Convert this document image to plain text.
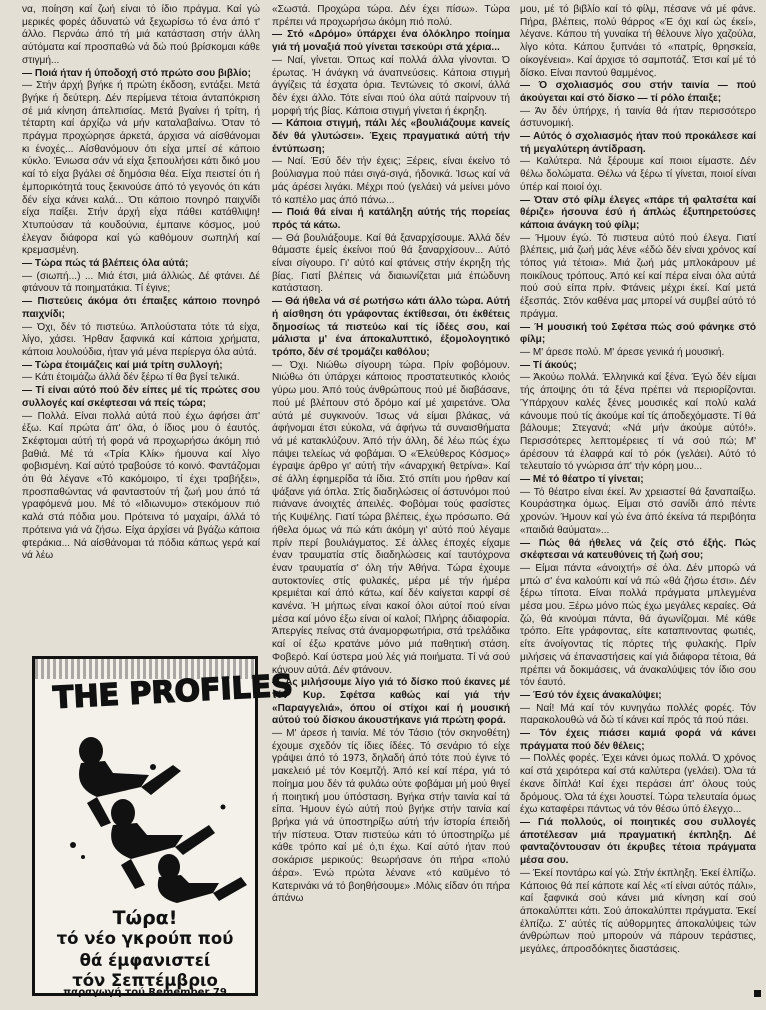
να, ποίηση καί ζωή είναι τό ίδιο πράγμα. Καί γώ μερικές φορές άδυνατώ νά ξεχωρίσω τό ένα άπό τ' άλλο. Περνάω άπό τή μιά κατάσταση στήν άλλη αύτόματα καί προσπαθώ νά δώ πού βρίσκομαι κάθε στιγμή...

— Ποιά ήταν ή ύποδοχή στό πρώτο σου βιβλίο;

— Στήν άρχή βγήκε ή πρώτη έκδοση, εντάξει. Μετά βγήκε ή δεύτερη. Δέν περίμενα τέτοια άνταπόκριση σέ μιά κίνηση άπελπισίας. Μετά βγαίνει ή τρίτη, ή τέταρτη καί άρχίζω νά μήν καταλαβαίνω. Όταν τό πράγμα προχώρησε άρκετά, άρχισα νά αίσθάνομαι κι ένοχές... Αίσθανόμουν ότι είχα μπεί σέ κάποιο κύκλο. Ένιωσα σάν νά είχα ξεπουλήσει κάτι δικό μου καί τό είχα βγάλει σέ δημόσια θέα. Είχα πειστεί ότι ή έμπορικότητά τους ξεκινούσε άπό τό γεγονός ότι κάτι δέν είχα κάνει καλά... Ότι κάποιο πονηρό παιχνίδι είχα παίξει. Στήν άρχή είχα πάθει κατάθλιψη! Χτυπούσαν τά κουδούνια, έμπαινε κόσμος, μού έλεγαν διάφορα καί γώ καθόμουν σωπηλή καί κρεμασμένη.

— Τώρα πώς τά βλέπεις όλα αύτά;

— (σιωπή...) ... Μιά έτσι, μιά άλλιώς. Δέ φτάνει. Δέ φτάνουν τά ποιηματάκια. Τί έγινε;

— Πιστεύεις άκόμα ότι έπαιξες κάποιο πονηρό παιχνίδι;

— Όχι, δέν τό πιστεύω. Άπλούστατα τότε τά είχα, λίγο, χάσει. Ήρθαν ξαφνικά καί κάποια χρήματα, κάποια λουλούδια, ήταν γιά μένα περίεργα όλα αύτά.

— Τώρα έτοιμάζεις καί μιά τρίτη συλλογή;

— Κάτι έτοιμάζω άλλά δέν ξέρω τί θα βγεί τελικά.

— Τί είναι αύτό πού δέν είπες μέ τίς πρώτες σου συλλογές καί σκέφτεσαι νά πείς τώρα;

— Πολλά. Είναι πολλά αύτά πού έχω άφήσει άπ' έξω. Καί πρώτα άπ' όλα, ό ίδιος μου ό έαυτός. Σκέφτομαι αύτή τή φορά νά προχωρήσω άκόμη πιό βαθιά. Μέ τά «Τρία Κλίκ» ήμουνα καί λίγο φοβισμένη. Καί αύτό τραβούσε τό κοινό. Φαντάζομαι ότι θά λέγανε «Τό κακόμοιρο, τί έχει τραβήξει», προσπαθώντας νά φανταστούν τή ζωή μου άπό τά γραφόμενά μου. Μέ τό «Ιδιωνυμο» στεκόμουν πιό καλά στά πόδια μου. Πρότεινα τό μαχαίρι, άλλά τό πρότεινα γιά νά ζήσω. Είχα άρχίσει νά βγάζω κάποια φτεράκια... Νά αίσθάνομαι τά πόδια κάπως γερά καί νά λέω

«Σωστά. Προχώρα τώρα. Δέν έχει πίσω». Τώρα πρέπει νά προχωρήσω άκόμη πιό πολύ.

— Στό «Δρόμο» ύπάρχει ένα όλόκληρο ποίημα γιά τή μοναξιά πού γίνεται τσεκούρι στά χέρια...

— Ναί, γίνεται. Όπως καί πολλά άλλα γίνονται. Ό έρωτας. Ή άνάγκη νά άναπνεύσεις. Κάποια στιγμή άγγίζεις τά έσχατα όρια. Τεντώνεις τό σκοινί, άλλά δέν έχει άλλο. Τότε είναι πού όλα αύτά παίρνουν τή μορφή τής βίας. Κάποια στιγμή γίνεται ή έκρηξη.

— Κάποια στιγμή, πάλι λές «βουλιάζουμε κανείς δέν θά γλυτώσει». Έχεις πραγματικά αύτή τήν έντύπωση;

— Ναί. Έσύ δέν τήν έχεις; Ξέρεις, είναι έκείνο τό βούλιαγμα πού πάει σιγά-σιγά, ήδονικά. Ίσως καί νά μάς άρέσει λιγάκι. Μέχρι πού (γελάει) νά μείνει μόνο τό καπέλο μας άπό πάνω...

— Ποιά θά είναι ή κατάληξη αύτής τής πορείας πρός τά κάτω.

— Θά βουλιάξουμε. Καί θά ξαναρχίσουμε. Άλλά δέν θάμαστε έμείς έκείνοι πού θά ξαναρχίσουν... Αύτό είναι σίγουρο. Γι' αύτό καί φτάνεις στήν έκρηξη τής βίας. Γιατί βλέπεις νά διαιωνίζεται μιά έπώδυνη κατάσταση.

— Θά ήθελα νά σέ ρωτήσω κάτι άλλο τώρα. Αύτή ή αίσθηση ότι γράφοντας έκτίθεσαι, ότι έκθέτεις δημοσίως τά πιστεύω καί τίς ίδέες σου, καί μάλιστα μ' ένα άποκαλυπτικό, έξομολογητικό τρόπο, δέν σέ τρομάζει καθόλου;

— Όχι. Νιώθω σίγουρη τώρα. Πρίν φοβόμουν. Νιώθω ότι ύπάρχει κάποιος προστατευτικός κλοιός γύρω μου. Άπό τούς άνθρώπους πού μέ διαβάσανε, πού μέ βλέπουν στό δρόμο καί μέ χαιρετάνε. Όλα αύτά μέ συγκινούν. Ίσως νά είμαι βλάκας, νά άφήνομαι έτσι εύκολα, νά άφήνω τά συναισθήματα νά μέ κατακλύζουν. Άπό τήν άλλη, δέ λέω πώς έχω πάψει τελείως νά φοβάμαι. Ό «Έλεύθερος Κόσμος» έγραψε άρθρο γι' αύτή τήν «άναρχική θετρίνα». Καί σέ άλλη έφημερίδα τά ίδια. Στό σπίτι μου ήρθαν καί ψάξανε γιά όπλα. Στίς διαδηλώσεις οί άστυνόμοι πού πιάνανε άνοιχτές άπειλές. Φοβόμαι τούς φασίστες τής Κυψέλης. Γιατί τώρα βλέπεις, έχω πρόσωπο. Θά ήθελα όμως νά πώ κάτι άκόμη γι' αύτό πού λέγαμε πρίν περί βουλιάγματος. Σέ άλλες έποχές είχαμε έναν τραυματία στίς διαδηλώσεις καί ταυτόχρονα έναν τραυματία σ' όλη τήν Άθήνα. Τώρα έχουμε αυτοκτονίες στίς φυλακές, μέρα μέ τήν ήμέρα κρεμιέται καί άπό κάτω, καί δέν καίγεται καρφί σέ κανένα. Ή μήπως είναι κακοί όλοι αύτοί πού είναι μέσα καί μόνο έξω είναι οί καλοί; Πλήρης άδιαφορία. Άπεργίες πείνας στά άναμορφωτήρια, στά τρελάδικα καί οί έξω κρατάνε μόνο μιά παθητική στάση. Φοβερό. Καί ύστερα μού λές γιά ποιήματα. Τί νά σού κάνουν αύτά. Δέν φτάνουν.

— Άς μιλήσουμε λίγο γιά τό δίσκο πού έκανες μέ τόν Κυρ. Σφέτσα καθώς καί γιά τήν «Παραγγελιά», όπου οί στίχοι καί ή μουσική αύτού τού δίσκου άκουστήκανε γιά πρώτη φορά.

— Μ' άρεσε ή ταινία. Μέ τόν Τάσιο (τόν σκηνοθέτη) έχουμε σχεδόν τίς ίδιες ίδέες. Τό σενάριο τό είχε γράψει άπό τό 1973, δηλαδή άπό τότε πού έγινε τό μακελειό μέ τόν Κοεμτζή. Άπό κεί καί πέρα, γιά τό ποίημα μου δέν τά φυλάω ούτε φοβάμαι μή μού θιγεί ή ποιητική μου ύπόσταση. Βγήκα στήν ταινία καί τά είπα. Ήμουν έγώ αύτή πού βγήκε στήν ταινία καί βρήκα γιά νά ύποστηρίξω αύτή τήν ίστορία έπειδή τήν πίστευα. Όταν πιστεύω κάτι τό ύποστηρίζω μέ κάθε τρόπο καί μέ ό,τι έχω. Καί αύτό ήταν πού σοκάρισε μερικούς: θεωρήσανε ότι πήρα «πολύ άέρα». Ένώ πρώτα λένανε «τό καϋμένο τό Κατερινάκι νά τό βοηθήσουμε» .Μόλις είδαν ότι πήρα άπάνω

μου, μέ τό βιβλίο καί τό φίλμ, πέσανε νά μέ φάνε. Πήρα, βλέπεις, πολύ θάρρος «Έ όχι καί ώς έκεί», λέγανε. Κάπου τή γυναίκα τή θέλουνε λίγο χαζούλα, λίγο κότα. Κάπου ξυπνάει τό «πατρίς, θρησκεία, οίκογένεια». Καί άρχισε τό σαμποτάζ. Έτσι καί μέ τό δίσκο. Είναι παντού θαμμένος.

— Ό σχολιασμός σου στήν ταινία — πού άκούγεται καί στό δίσκο — τί ρόλο έπαιξε;

— Άν δέν ύπήρχε, ή ταινία θά ήταν περισσότερο άστυνομική.

— Αύτός ό σχολιασμός ήταν πού προκάλεσε καί τή μεγαλύτερη άντίδραση.

— Καλύτερα. Νά ξέρουμε καί ποιοι είμαστε. Δέν θέλω δολώματα. Θέλω νά ξέρω τί γίνεται, ποιοί είναι ύπέρ καί ποιοί όχι.

— Όταν στό φίλμ έλεγες «πάρε τή φαλτσέτα καί θέριζε» ήσουνα έσύ ή άπλώς έξυπηρετούσες κάποια άνάγκη τού φίλμ;

— Ήμουν έγώ. Τό πιστευα αύτό πού έλεγα. Γιατί βλέπεις, μιά ζωή μάς λένε «έδώ δέν είναι χρόνος καί τόπος γιά τέτοια». Μιά ζωή μάς μπλοκάρουν μέ ποικίλους τρόπους. Άπό κεί καί πέρα είναι όλα αύτά πού σού είπα πρίν. Φτάνεις μέχρι έκεί. Καί μετά έξεσπάς. Στόν καθένα μας μπορεί νά συμβεί αύτό τό πράγμα.

— Ή μουσική τού Σφέτσα πώς σού φάνηκε στό φίλμ;

— Μ' άρεσε πολύ. Μ' άρεσε γενικά ή μουσική.

— Τί άκούς;

— Άκούω πολλά. Έλληνικά καί ξένα. Έγώ δέν είμαι τής άποψης ότι τά ξένα πρέπει νά περιορίζονται. Ύπάρχουν καλές ξένες μουσικές καί πολύ καλά κάνουμε πού τίς άκούμε καί τίς άποδεχόμαστε. Τί θά βάλουμε; Στεγανά; «Νά μήν άκούμε αύτό!». Περισσότερες λεπτομέρειες τί νά σού πώ; Μ' άρέσουν τά έλαφρά καί τό ρόκ (γελάει). Αύτό τό τελευταίο τό γνώρισα άπ' τήν κόρη μου...

— Μέ τό θέατρο τί γίνεται;

— Τό θέατρο είναι έκεί. Άν χρειαστεί θά ξαναπαίξω. Κουράστηκα όμως. Είμαι στό σανίδι άπό πέντε χρονών. Ήμουν καί γώ ένα άπό έκείνα τά περιβόητα «παιδιά θαύματα»...

— Πώς θά ήθελες νά ζείς στό έξής. Πώς σκέφτεσαι νά κατευθύνεις τή ζωή σου;

— Είμαι πάντα «άνοιχτή» σέ όλα. Δέν μπορώ νά μπώ σ' ένα καλούπι καί νά πώ «θά ζήσω έτσι». Δέν ξέρω τίποτα. Είναι πολλά πράγματα μπλεγμένα μέσα μου. Ξέρω μόνο πώς έχω μεγάλες κεραίες. Θά ζώ, θά κινούμαι πάντα, θά άγωνίζομαι. Μέ κάθε τρόπο. Είτε γράφοντας, είτε καταπινοντας φωτιές, είτε άνοίγοντας τίς πόρτες τής φυλακής. Πρίν μιλήσεις νά έπαναστήσεις καί γιά διάφορα τέτοια, θά πρέπει νά δοκιμάσεις, νά άνακαλύψεις τόν ίδιο σου τόν έαυτό.

— Έσύ τόν έχεις άνακαλύψει;

— Ναί! Μά καί τόν κυνηγάω πολλές φορές. Τόν παρακολουθώ νά δώ τί κάνει καί πρός τά πού πάει.

— Τόν έχεις πιάσει καμιά φορά νά κάνει πράγματα πού δέν θέλεις;

— Πολλές φορές. Έχει κάνει όμως πολλά. Ό χρόνος καί στά χειρότερα καί στά καλύτερα (γελάει). Όλα τά έκανε δίπλά! Καί έχει περάσει άπ' όλους τούς δρόμους. Όλα τά έχει λουστεί. Τώρα τελευταία όμως έχω καταφέρει πάντως νά τόν θέσω ύπό έλεγχο...

— Γιά πολλούς, οί ποιητικές σου συλλογές άποτέλεσαν μιά πραγματική έκπληξη. Δέ φανταζόντουσαν ότι έκρυβες τέτοια πράγματα μέσα σου.

— Έκεί ποντάρω καί γώ. Στήν έκπληξη. Έκεί έλπίζω. Κάποιος θά πεί κάποτε καί λές «τί είναι αύτός πάλι», καί ξαφνικά σού κάνει μιά κίνηση καί σού άποκαλύπτει κάτι. Σού άποκαλύπτει πράγματα. Έκεί έλπίζω. Σ' αύτές τίς αύθορμητες άποκαλύψεις τών άνθρώπων πού μπορούν νά πάρουν τεράστιες, μεγάλες, άπροσδόκητες διαστάσεις.

THE PROFILES
Τώρα!
τό νέο γκρούπ πού
θά έμφανιστεί
τόν Σεπτέμβριο
παραγωγή τού Remember 79
